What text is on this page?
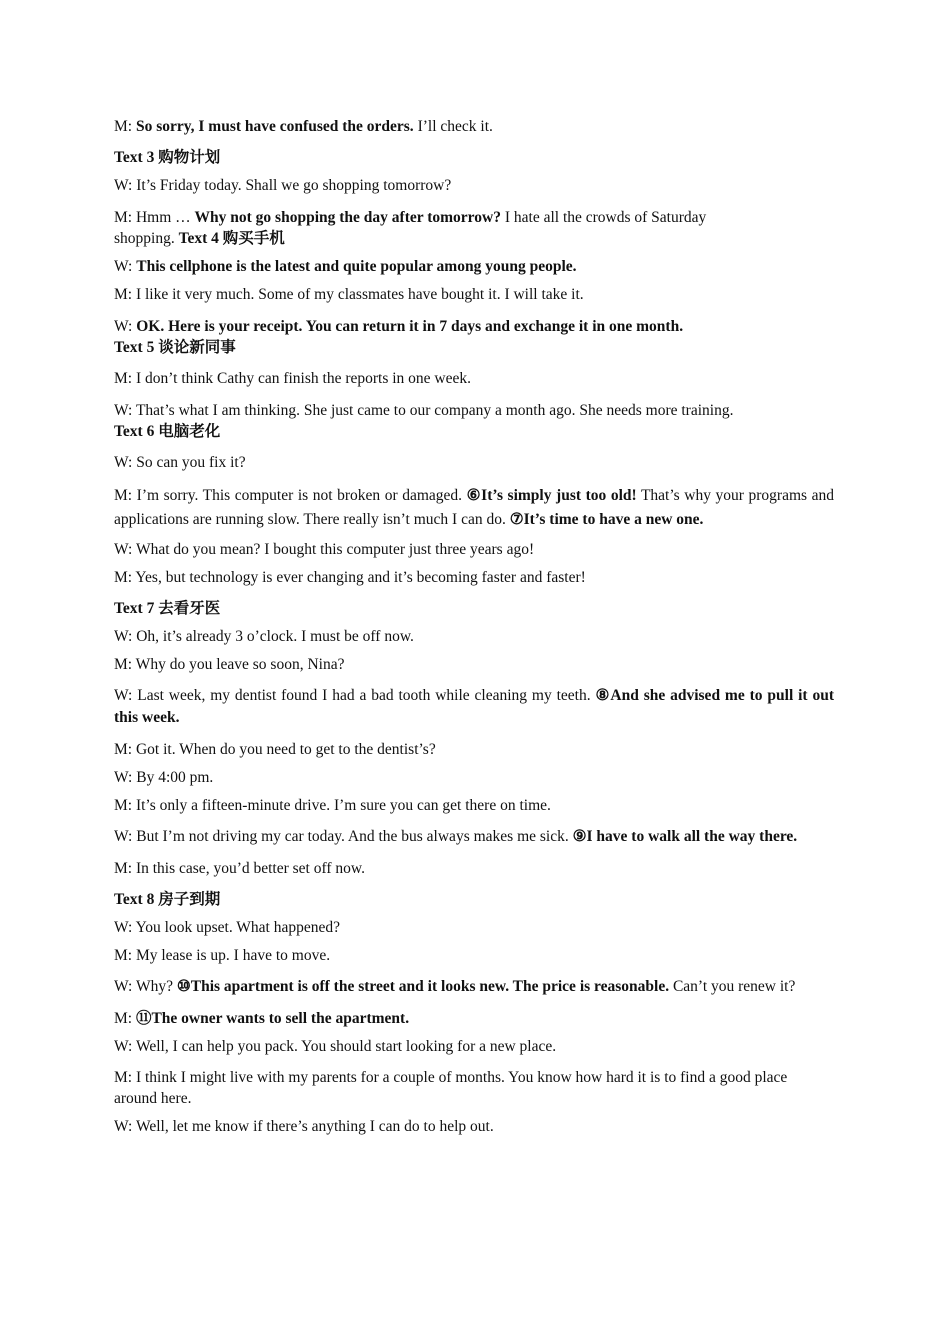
M: So sorry, I must have confused the orders. I’ll check it.

Text 3 购物计划

W: It’s Friday today. Shall we go shopping tomorrow?

M: Hmm … Why not go shopping the day after tomorrow? I hate all the crowds of Saturday shopping. Text 4 购买手机

W: This cellphone is the latest and quite popular among young people.

M: I like it very much. Some of my classmates have bought it. I will take it.

W: OK. Here is your receipt. You can return it in 7 days and exchange it in one month. Text 5 谈论新同事

M: I don’t think Cathy can finish the reports in one week.

W: That’s what I am thinking. She just came to our company a month ago. She needs more training. Text 6 电脑老化

W: So can you fix it?

M: I’m sorry. This computer is not broken or damaged. ⑥It’s simply just too old! That’s why your programs and applications are running slow. There really isn’t much I can do. ⑦It’s time to have a new one.

W: What do you mean? I bought this computer just three years ago!

M: Yes, but technology is ever changing and it’s becoming faster and faster!

Text 7 去看牙医

W: Oh, it’s already 3 o’clock. I must be off now.

M: Why do you leave so soon, Nina?

W: Last week, my dentist found I had a bad tooth while cleaning my teeth. ⑧And she advised me to pull it out this week.

M: Got it. When do you need to get to the dentist’s?

W: By 4:00 pm.

M: It’s only a fifteen-minute drive. I’m sure you can get there on time.

W: But I’m not driving my car today. And the bus always makes me sick. ⑨I have to walk all the way there.

M: In this case, you’d better set off now.

Text 8 房子到期

W: You look upset. What happened?

M: My lease is up. I have to move.

W: Why? ⑩This apartment is off the street and it looks new. The price is reasonable. Can’t you renew it?

M: ⑪The owner wants to sell the apartment.

W: Well, I can help you pack. You should start looking for a new place.

M: I think I might live with my parents for a couple of months. You know how hard it is to find a good place around here.

W: Well, let me know if there’s anything I can do to help out.
